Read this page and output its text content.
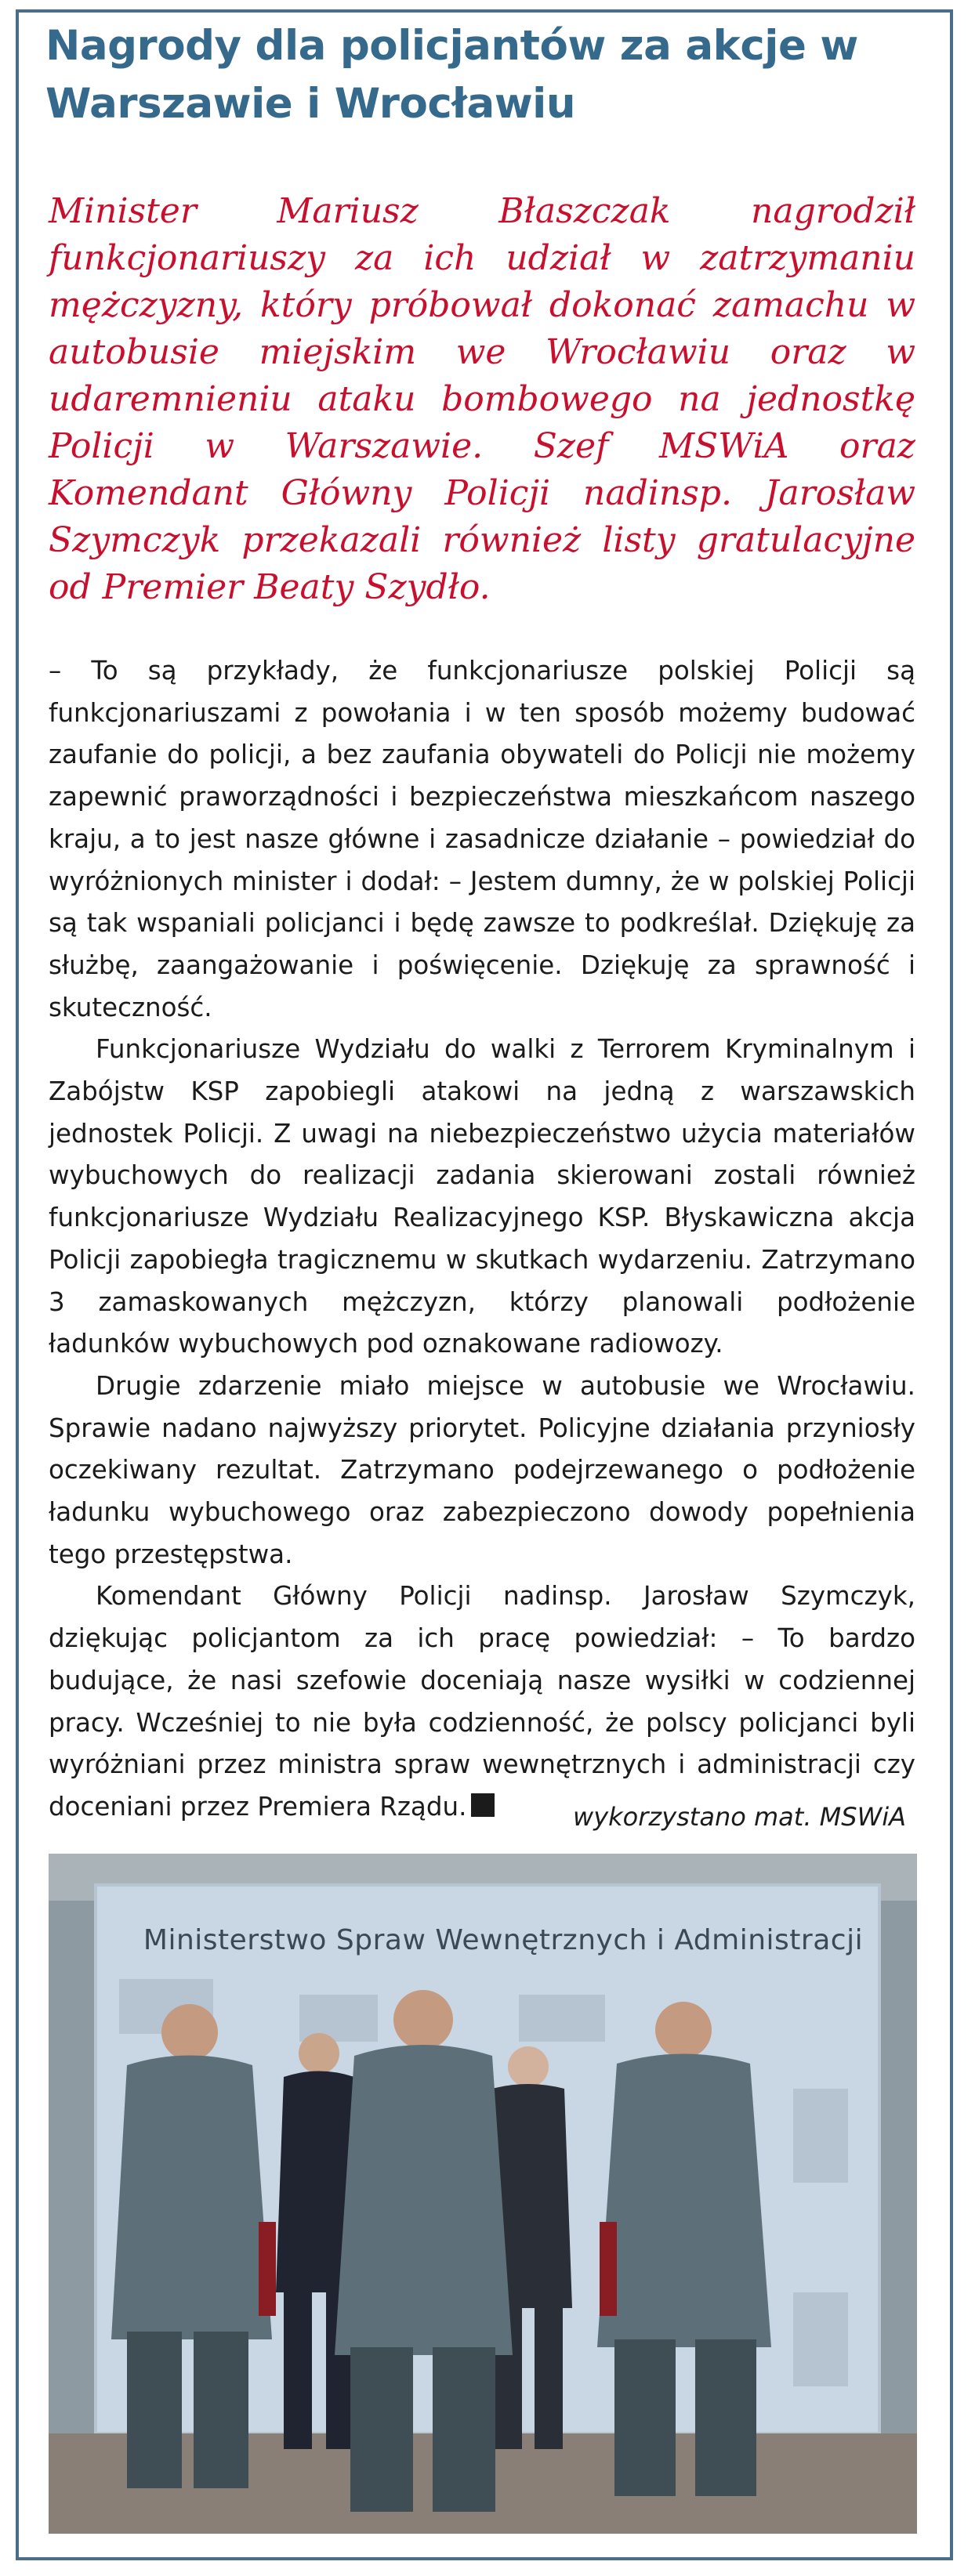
Nagrody dla policjantów za akcje w Warszawie i Wrocławiu

Minister Mariusz Błaszczak nagrodził funkcjonariuszy za ich udział w zatrzymaniu mężczyzny, który próbował dokonać zamachu w autobusie miejskim we Wrocławiu oraz w udaremnieniu ataku bombowego na jednostkę Policji w Warszawie. Szef MSWiA oraz Komendant Główny Policji nadinsp. Jarosław Szymczyk przekazali również listy gratulacyjne od Premier Beaty Szydło.

– To są przykłady, że funkcjonariusze polskiej Policji są funkcjonariuszami z powołania i w ten sposób możemy budować zaufanie do policji, a bez zaufania obywateli do Policji nie możemy zapewnić praworządności i bezpieczeństwa mieszkańcom naszego kraju, a to jest nasze główne i zasadnicze działanie – powiedział do wyróżnionych minister i dodał: – Jestem dumny, że w polskiej Policji są tak wspaniali policjanci i będę zawsze to podkreślał. Dziękuję za służbę, zaangażowanie i poświęcenie. Dziękuję za sprawność i skuteczność.

Funkcjonariusze Wydziału do walki z Terrorem Kryminalnym i Zabójstw KSP zapobiegli atakowi na jedną z warszawskich jednostek Policji. Z uwagi na niebezpieczeństwo użycia materiałów wybuchowych do realizacji zadania skierowani zostali również funkcjonariusze Wydziału Realizacyjnego KSP. Błyskawiczna akcja Policji zapobiegła tragicznemu w skutkach wydarzeniu. Zatrzymano 3 zamaskowanych mężczyzn, którzy planowali podłożenie ładunków wybuchowych pod oznakowane radiowozy.

Drugie zdarzenie miało miejsce w autobusie we Wrocławiu. Sprawie nadano najwyższy priorytet. Policyjne działania przyniosły oczekiwany rezultat. Zatrzymano podejrzewanego o podłożenie ładunku wybuchowego oraz zabezpieczono dowody popełnienia tego przestępstwa.

Komendant Główny Policji nadinsp. Jarosław Szymczyk, dziękując policjantom za ich pracę powiedział: – To bardzo budujące, że nasi szefowie doceniają nasze wysiłki w codziennej pracy. Wcześniej to nie była codzienność, że polscy policjanci byli wyróżniani przez ministra spraw wewnętrznych i administracji czy doceniani przez Premiera Rządu.	wykorzystano mat. MSWiA

Ministerstwo Spraw Wewnętrznych i Administracji
